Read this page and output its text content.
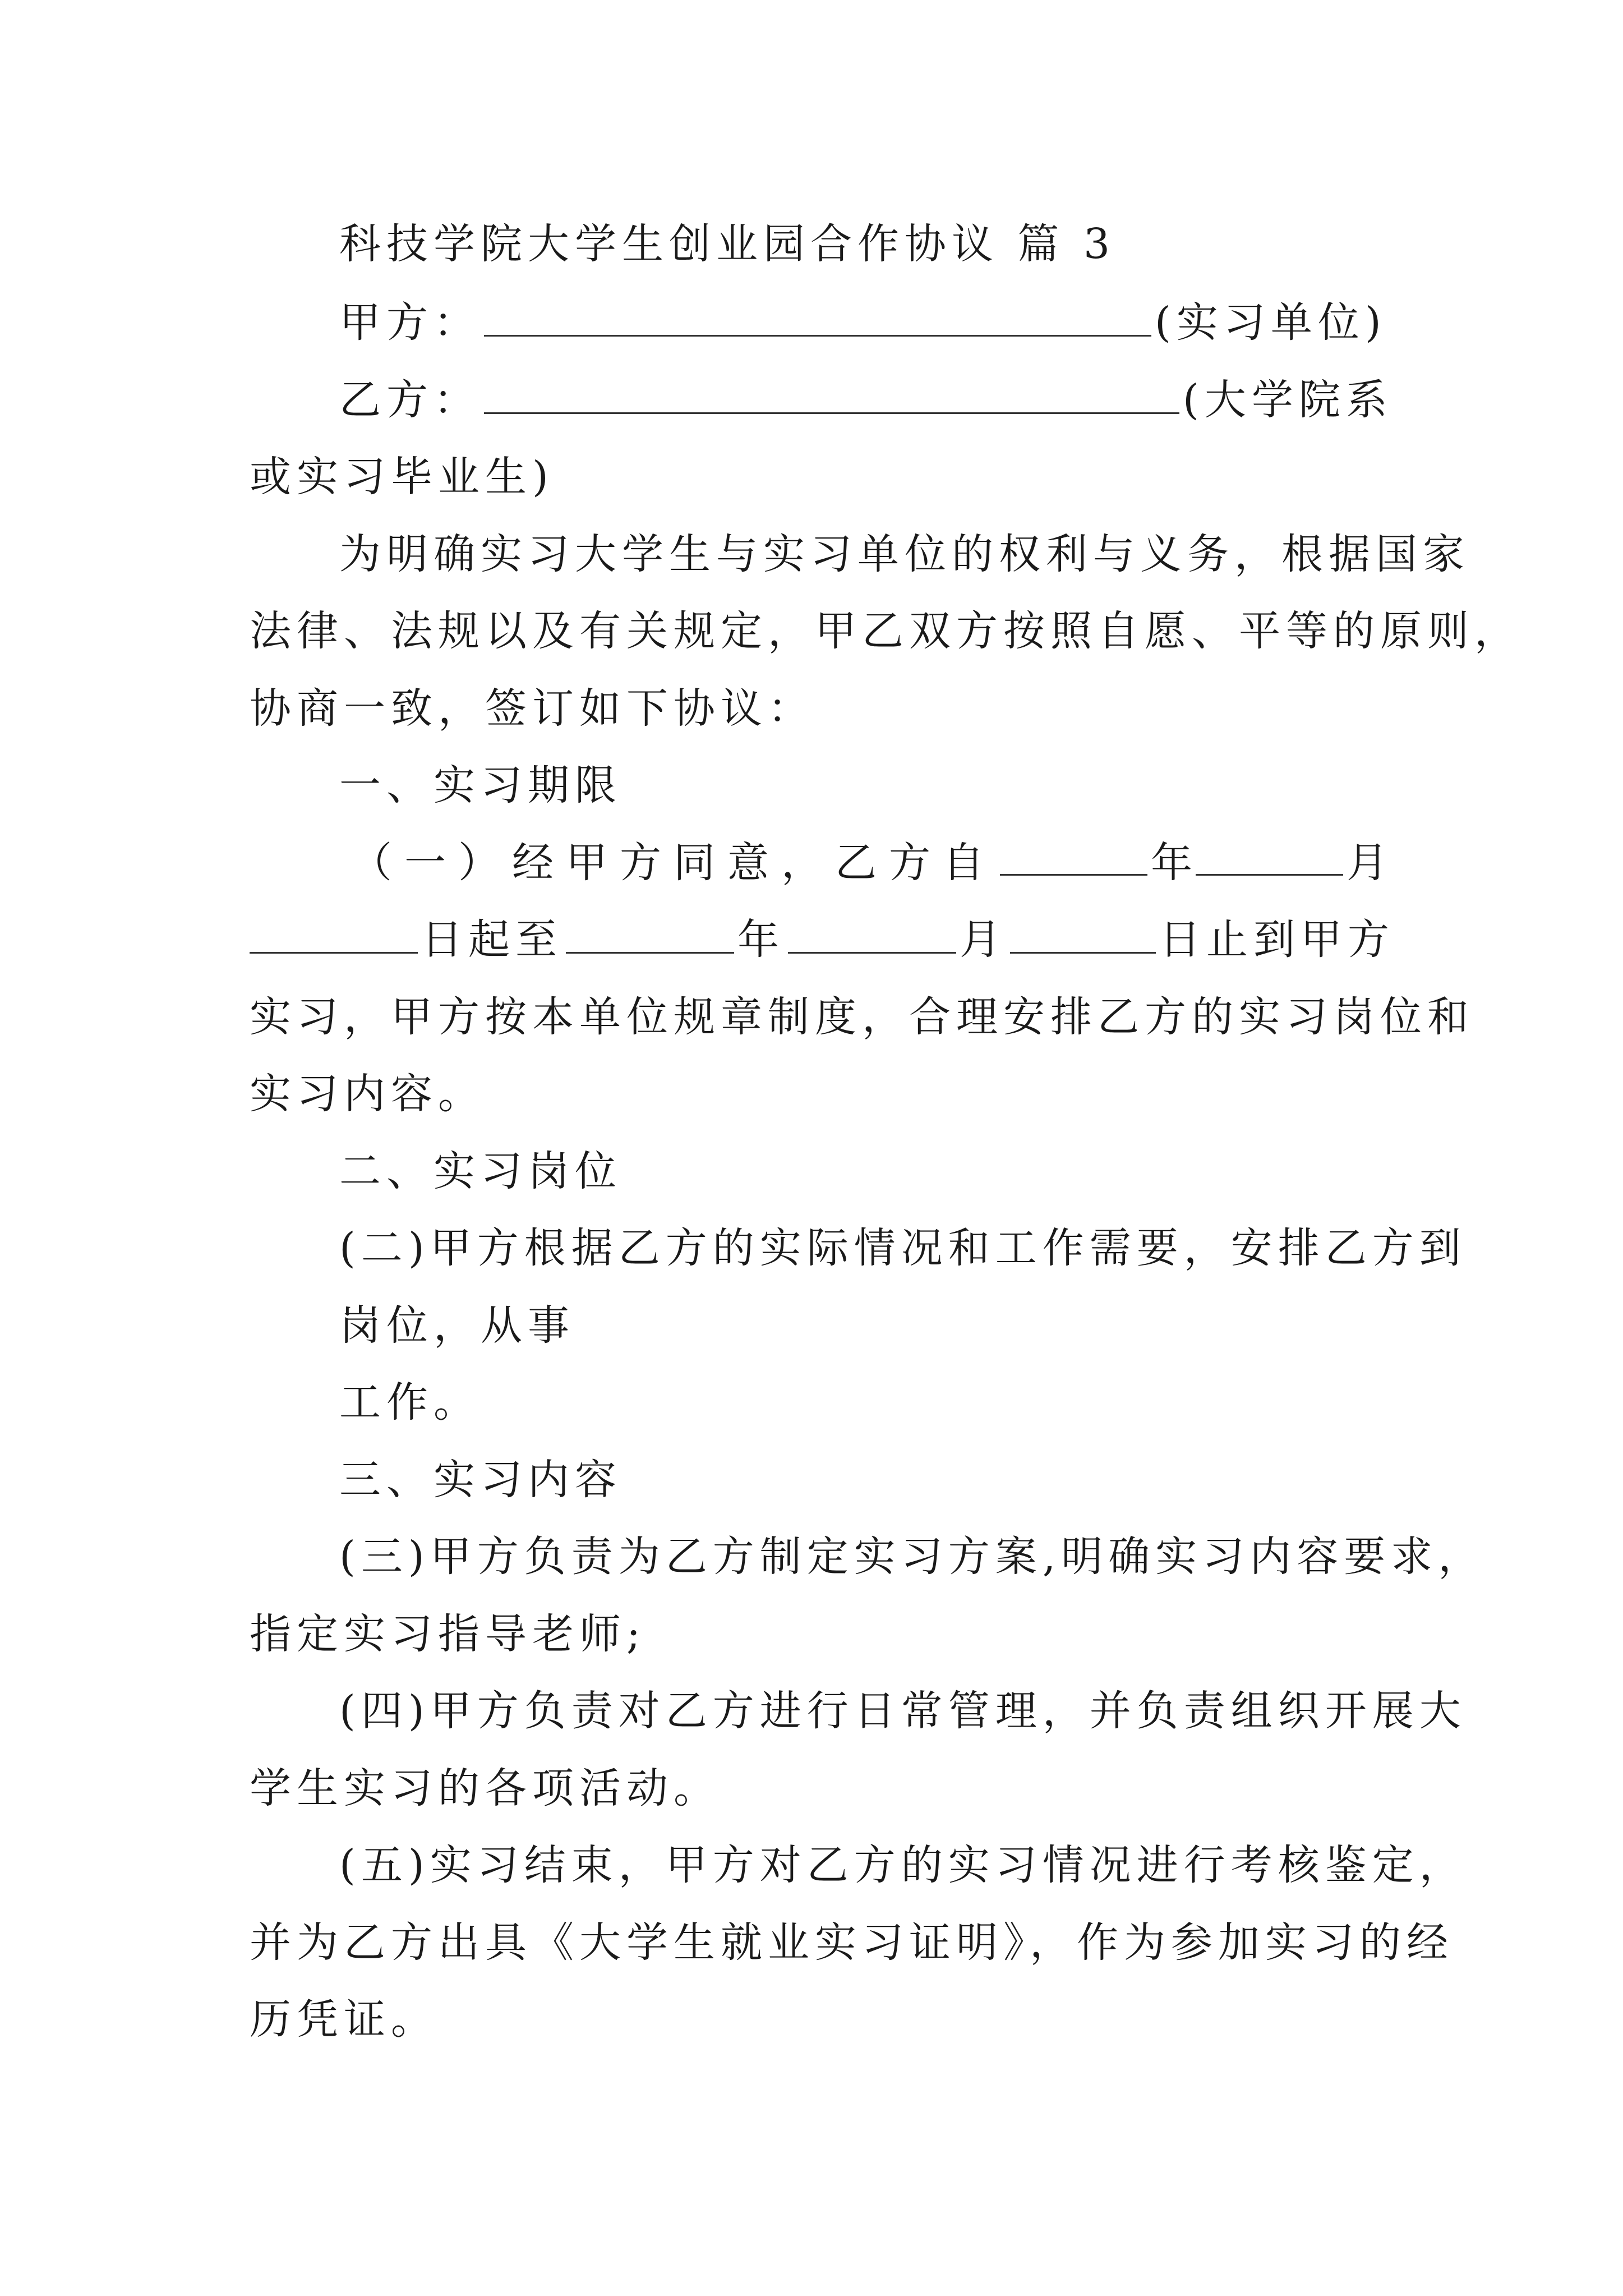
科技学院大学生创业园合作协议 篇 3
甲方：	(实习单位)
乙方：	(大学院系
或实习毕业生)
为明确实习大学生与实习单位的权利与义务，根据国家
法律、法规以及有关规定，甲乙双方按照自愿、平等的原则，
协商一致，签订如下协议：
一、实习期限
（一）经甲方同意，乙方自	年	月
日起至	年	月	日止到甲方
实习，甲方按本单位规章制度，合理安排乙方的实习岗位和
实习内容。
二、实习岗位
(二)甲方根据乙方的实际情况和工作需要，安排乙方到
岗位，从事
工作。
三、实习内容
(三)甲方负责为乙方制定实习方案,明确实习内容要求，
指定实习指导老师;
(四)甲方负责对乙方进行日常管理，并负责组织开展大
学生实习的各项活动。
(五)实习结束，甲方对乙方的实习情况进行考核鉴定，
并为乙方出具《大学生就业实习证明》，作为参加实习的经
历凭证。
